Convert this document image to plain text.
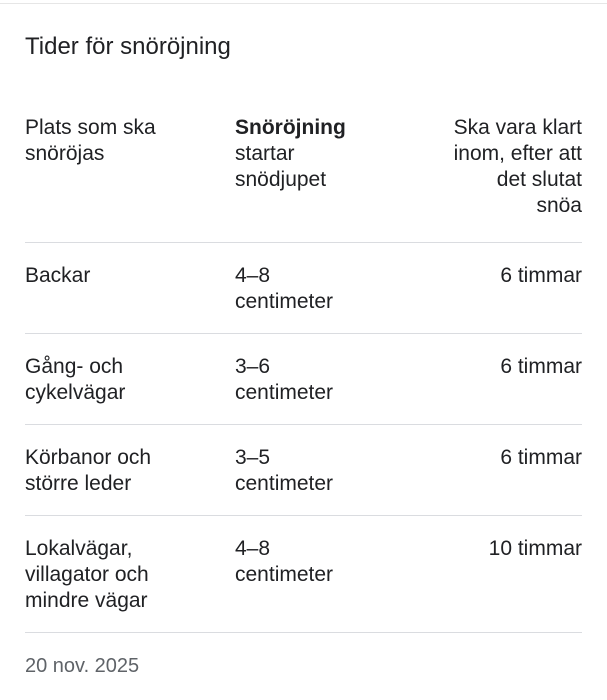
Tider för snöröjning
Plats som ska
snöröjas
Snöröjning
startar
snödjupet
Ska vara klart
inom, efter att
det slutat
snöa
Backar	4–8
centimeter
6 timmar
Gång- och
cykelvägar
3–6
centimeter
6 timmar
Körbanor och
större leder
3–5
centimeter
6 timmar
Lokalvägar,
villagator och
mindre vägar
4–8
centimeter
10 timmar
20 nov. 2025
